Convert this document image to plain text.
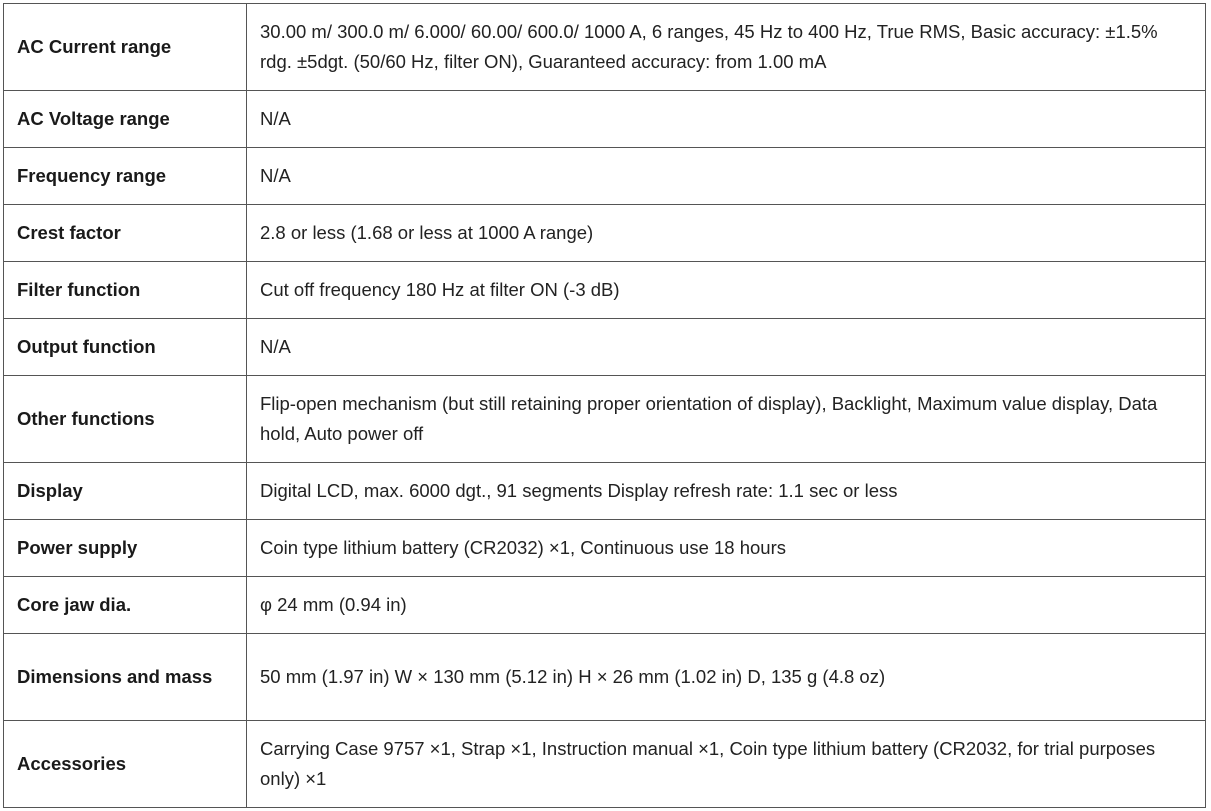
AC Current range	30.00 m/ 300.0 m/ 6.000/ 60.00/ 600.0/ 1000 A, 6 ranges, 45 Hz to 400 Hz, True RMS, Basic accuracy: ±1.5% rdg. ±5dgt. (50/60 Hz, filter ON), Guaranteed accuracy: from 1.00 mA
AC Voltage range	N/A
Frequency range	N/A
Crest factor	2.8 or less (1.68 or less at 1000 A range)
Filter function	Cut off frequency 180 Hz at filter ON (-3 dB)
Output function	N/A
Other functions	Flip-open mechanism (but still retaining proper orientation of display), Backlight, Maximum value display, Data hold, Auto power off
Display	Digital LCD, max. 6000 dgt., 91 segments Display refresh rate: 1.1 sec or less
Power supply	Coin type lithium battery (CR2032) ×1, Continuous use 18 hours
Core jaw dia.	φ 24 mm (0.94 in)
Dimensions and mass	50 mm (1.97 in) W × 130 mm (5.12 in) H × 26 mm (1.02 in) D, 135 g (4.8 oz)
Accessories	Carrying Case 9757 ×1, Strap ×1, Instruction manual ×1, Coin type lithium battery (CR2032, for trial purposes only) ×1
